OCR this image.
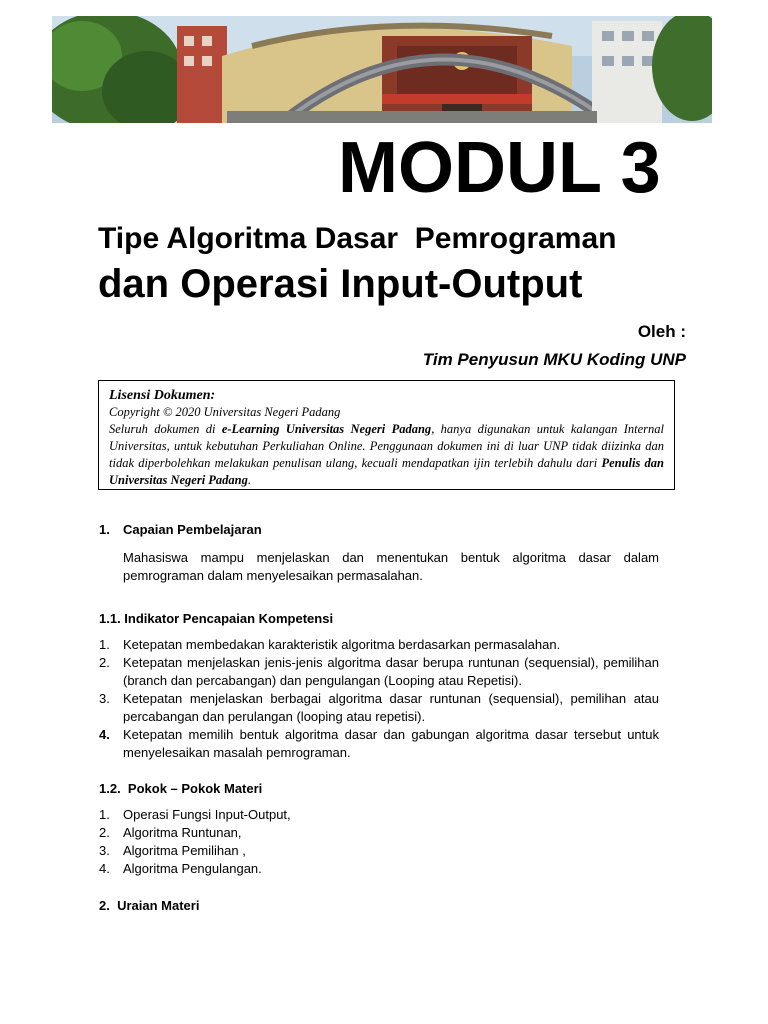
MODUL 3
Tipe Algoritma Dasar  Pemrograman
dan Operasi Input-Output
Oleh :
Tim Penyusun MKU Koding UNP
Lisensi Dokumen:
Copyright © 2020 Universitas Negeri Padang
Seluruh dokumen di e-Learning Universitas Negeri Padang, hanya digunakan untuk kalangan Internal Universitas, untuk kebutuhan Perkuliahan Online. Penggunaan dokumen ini di luar UNP tidak diizinka dan tidak diperbolehkan melakukan penulisan ulang, kecuali mendapatkan ijin terlebih dahulu dari Penulis dan Universitas Negeri Padang.
1. Capaian Pembelajaran
Mahasiswa mampu menjelaskan dan menentukan bentuk algoritma dasar dalam pemrograman dalam menyelesaikan permasalahan.
1.1. Indikator Pencapaian Kompetensi
1. Ketepatan membedakan karakteristik algoritma berdasarkan permasalahan.
2. Ketepatan menjelaskan jenis-jenis algoritma dasar berupa runtunan (sequensial), pemilihan (branch dan percabangan) dan pengulangan (Looping atau Repetisi).
3. Ketepatan menjelaskan berbagai algoritma dasar runtunan (sequensial), pemilihan atau percabangan dan perulangan (looping atau repetisi).
4. Ketepatan memilih bentuk algoritma dasar dan gabungan algoritma dasar tersebut untuk menyelesaikan masalah pemrograman.
1.2.  Pokok – Pokok Materi
1. Operasi Fungsi Input-Output,
2. Algoritma Runtunan,
3. Algoritma Pemilihan ,
4. Algoritma Pengulangan.
2.  Uraian Materi
